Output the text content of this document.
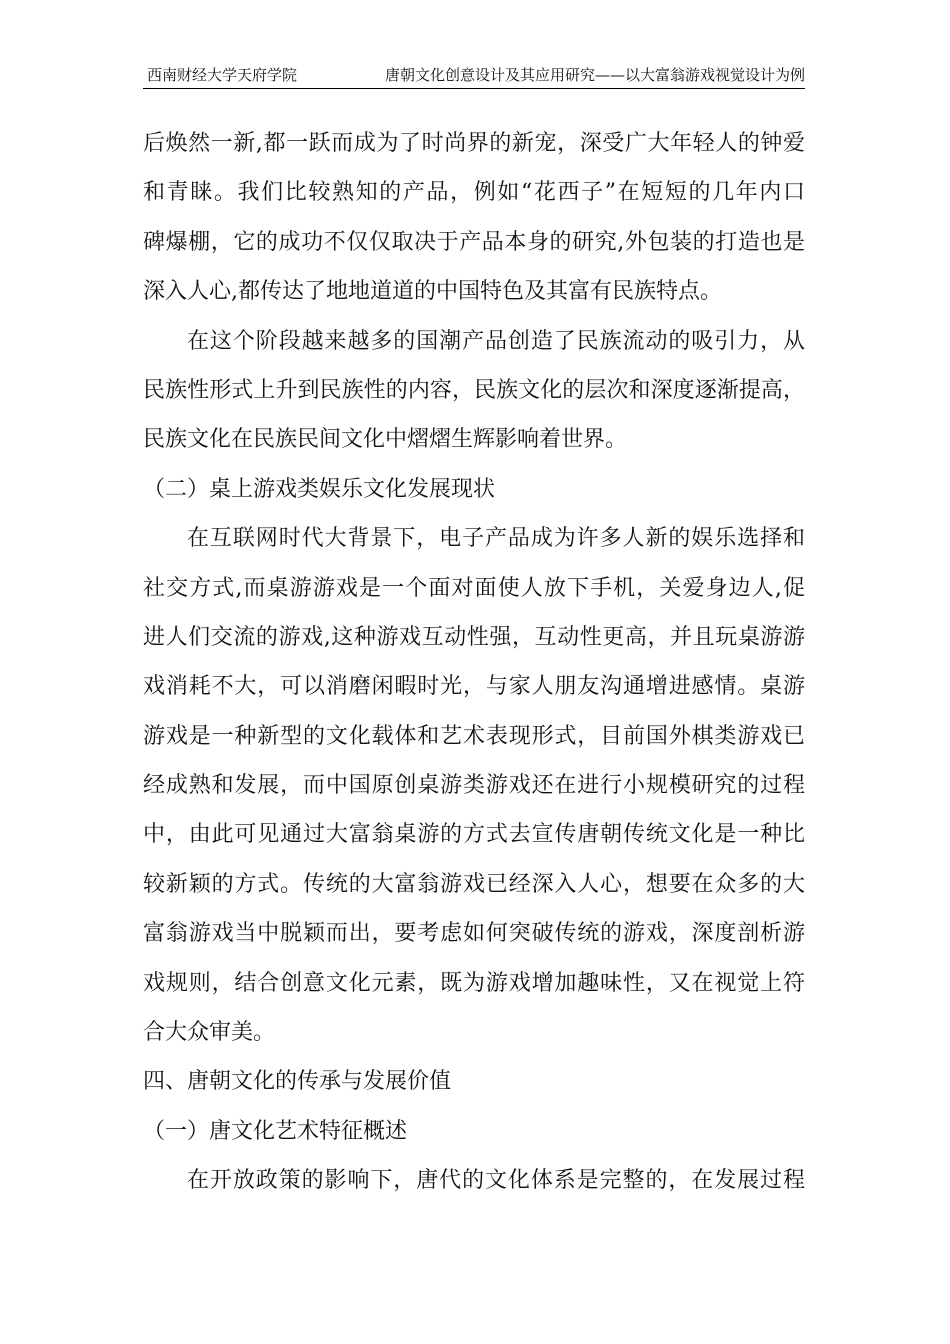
西南财经大学天府学院	唐朝文化创意设计及其应用研究——以大富翁游戏视觉设计为例
后焕然一新,都一跃而成为了时尚界的新宠，深受广大年轻人的钟爱
和青睐。我们比较熟知的产品，例如“花西子”在短短的几年内口
碑爆棚，它的成功不仅仅取决于产品本身的研究,外包装的打造也是
深入人心,都传达了地地道道的中国特色及其富有民族特点。
在这个阶段越来越多的国潮产品创造了民族流动的吸引力，从
民族性形式上升到民族性的内容，民族文化的层次和深度逐渐提高，
民族文化在民族民间文化中熠熠生辉影响着世界。
（二）桌上游戏类娱乐文化发展现状
在互联网时代大背景下，电子产品成为许多人新的娱乐选择和
社交方式,而桌游游戏是一个面对面使人放下手机，关爱身边人,促
进人们交流的游戏,这种游戏互动性强，互动性更高，并且玩桌游游
戏消耗不大，可以消磨闲暇时光，与家人朋友沟通增进感情。桌游
游戏是一种新型的文化载体和艺术表现形式，目前国外棋类游戏已
经成熟和发展，而中国原创桌游类游戏还在进行小规模研究的过程
中，由此可见通过大富翁桌游的方式去宣传唐朝传统文化是一种比
较新颖的方式。传统的大富翁游戏已经深入人心，想要在众多的大
富翁游戏当中脱颖而出，要考虑如何突破传统的游戏，深度剖析游
戏规则，结合创意文化元素，既为游戏增加趣味性，又在视觉上符
合大众审美。
四、唐朝文化的传承与发展价值
（一）唐文化艺术特征概述
在开放政策的影响下，唐代的文化体系是完整的，在发展过程
